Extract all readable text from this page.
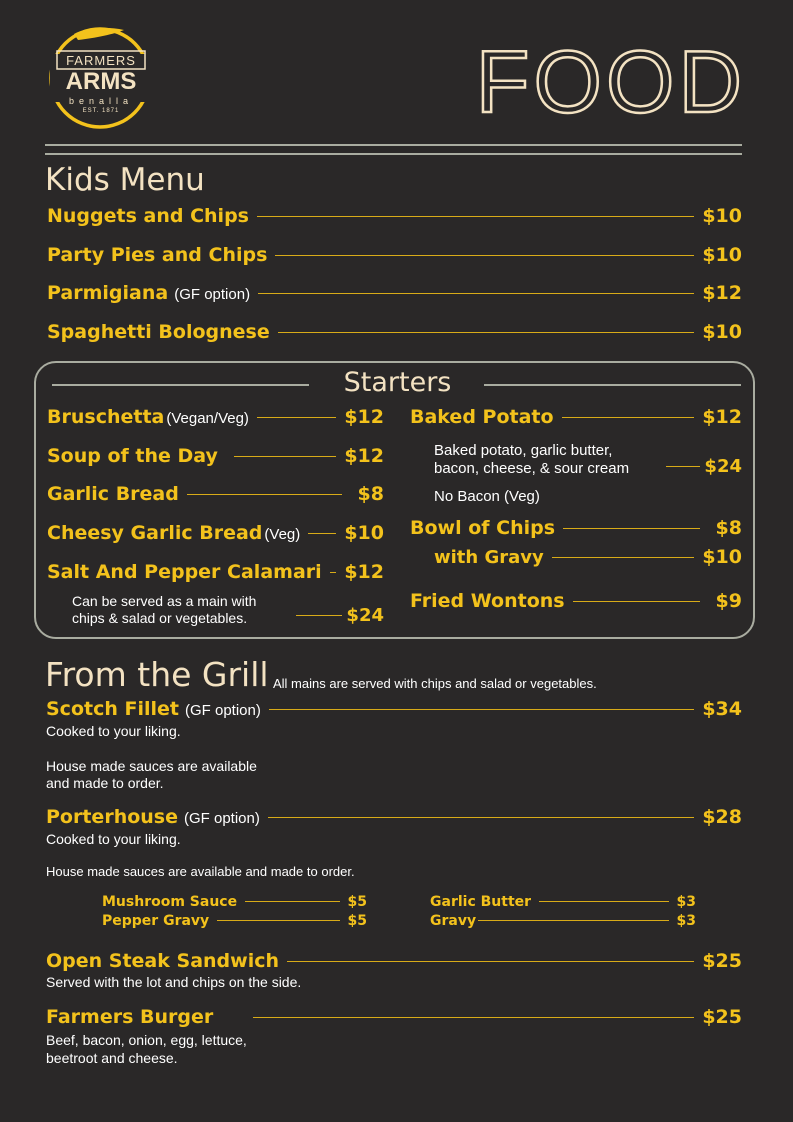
FARMERS
ARMS
benalla
EST. 1871	FOOD
Kids Menu
Nuggets and Chips	$10
Party Pies and Chips	$10
Parmigiana (GF option)	$12
Spaghetti Bolognese	$10
Starters
Bruschetta (Vegan/Veg)	$12
Soup of the Day	$12
Garlic Bread	$8
Cheesy Garlic Bread (Veg) $10
Salt And Pepper Calamari $12
Can be served as a main with
chips & salad or vegetables.	$24
Baked Potato	$12
Baked potato, garlic butter,
bacon, cheese, & sour cream	$24
No Bacon (Veg)
Bowl of Chips	$8
with Gravy	$10
Fried Wontons	$9
From the Grill All mains are served with chips and salad or vegetables.
Scotch Fillet (GF option)	$34
Cooked to your liking.
House made sauces are available
and made to order.
Porterhouse (GF option)	$28
Cooked to your liking.
House made sauces are available and made to order.
Mushroom Sauce	$5
Pepper Gravy	$5
Garlic Butter	$3
Gravy	$3
Open Steak Sandwich	$25
Served with the lot and chips on the side.
Farmers Burger	$25
Beef, bacon, onion, egg, lettuce,
beetroot and cheese.
